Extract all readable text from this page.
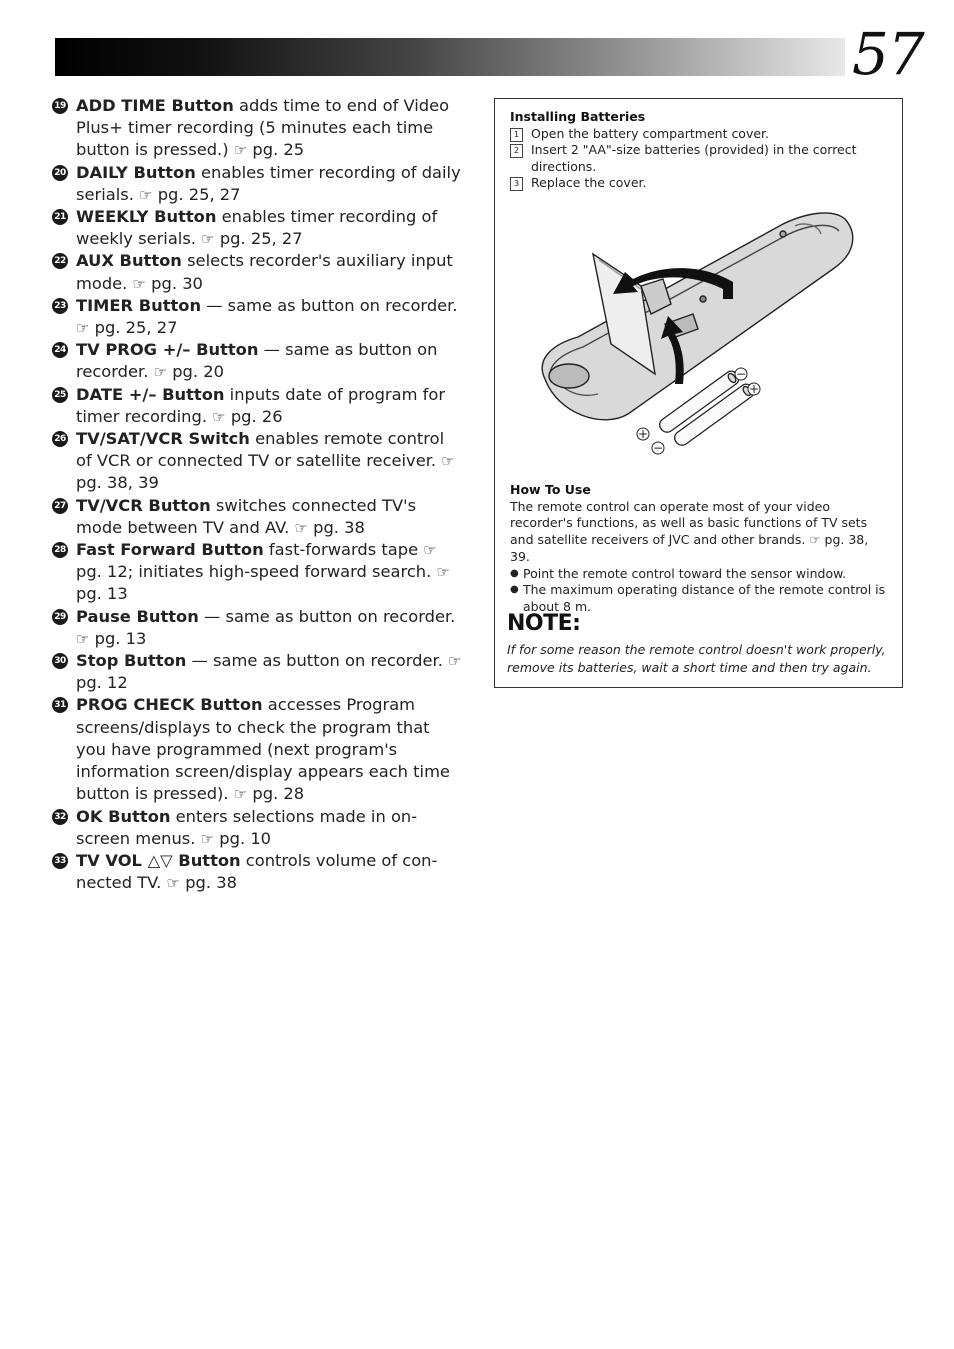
57
19 ADD TIME Button adds time to end of Video Plus+ timer recording (5 minutes each time button is pressed.) ☞ pg. 25
20 DAILY Button enables timer recording of daily serials. ☞ pg. 25, 27
21 WEEKLY Button enables timer recording of weekly serials. ☞ pg. 25, 27
22 AUX Button selects recorder's auxiliary input mode. ☞ pg. 30
23 TIMER Button — same as button on recorder. ☞ pg. 25, 27
24 TV PROG +/– Button — same as button on recorder. ☞ pg. 20
25 DATE +/– Button inputs date of program for timer recording. ☞ pg. 26
26 TV/SAT/VCR Switch enables remote control of VCR or connected TV or satellite receiver. ☞ pg. 38, 39
27 TV/VCR Button switches connected TV's mode between TV and AV. ☞ pg. 38
28 Fast Forward Button fast-forwards tape ☞ pg. 12; initiates high-speed forward search. ☞ pg. 13
29 Pause Button — same as button on recorder. ☞ pg. 13
30 Stop Button — same as button on recorder. ☞ pg. 12
31 PROG CHECK Button accesses Program screens/displays to check the program that you have programmed (next program's information screen/display appears each time button is pressed). ☞ pg. 28
32 OK Button enters selections made in on-screen menus. ☞ pg. 10
33 TV VOL △▽ Button controls volume of con-nected TV. ☞ pg. 38
Installing Batteries
1 Open the battery compartment cover.
2 Insert 2 "AA"-size batteries (provided) in the correct directions.
3 Replace the cover.
+
−
−
+
How To Use
The remote control can operate most of your video recorder's functions, as well as basic functions of TV sets and satellite receivers of JVC and other brands. ☞ pg. 38, 39.
● Point the remote control toward the sensor window.
● The maximum operating distance of the remote control is about 8 m.
NOTE:
If for some reason the remote control doesn't work properly, remove its batteries, wait a short time and then try again.
